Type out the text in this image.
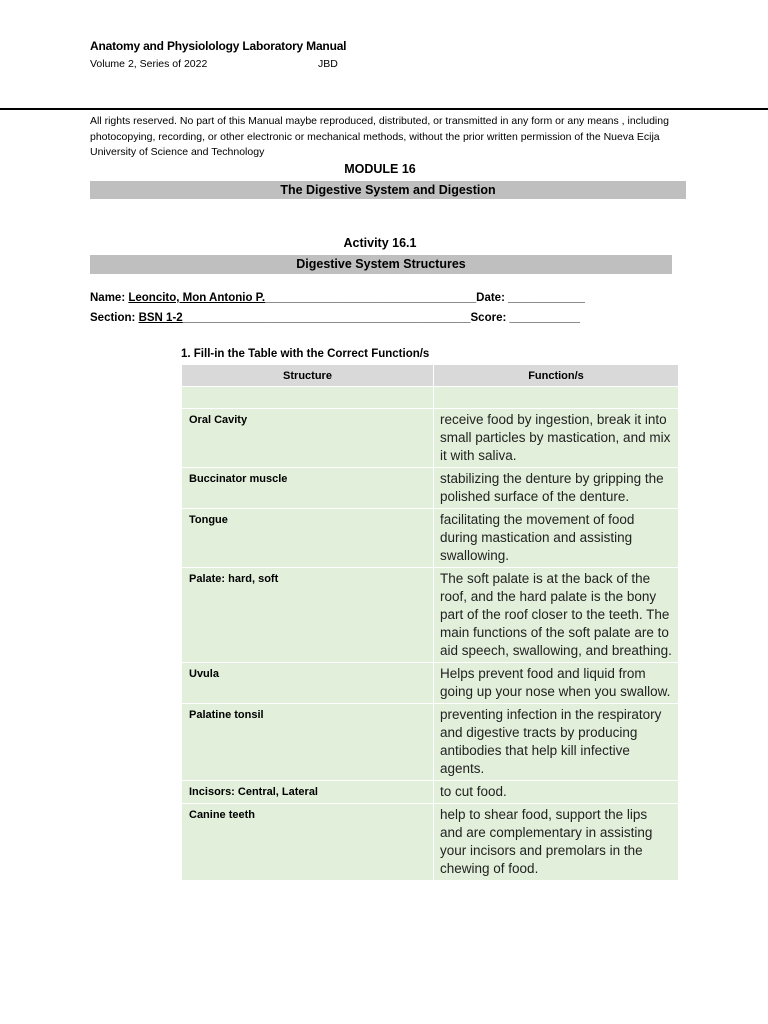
Anatomy and Physiolology Laboratory Manual
Volume 2, Series of 2022	JBD
All rights reserved. No part of this Manual maybe reproduced, distributed, or transmitted in any form or any means , including photocopying, recording, or other electronic or mechanical methods, without the prior written permission of the Nueva Ecija University of Science and Technology
MODULE 16
The Digestive System and Digestion
Activity 16.1
Digestive System Structures
Name: Leoncito, Mon Antonio P._________________________________Date: ____________
Section: BSN 1-2_____________________________________________Score: ___________
1. Fill-in the Table with the Correct Function/s
Structure	Function/s

Oral Cavity	receive food by ingestion, break it into small particles by mastication, and mix it with saliva.
Buccinator muscle	stabilizing the denture by gripping the polished surface of the denture.
Tongue	facilitating the movement of food during mastication and assisting swallowing.
Palate: hard, soft	The soft palate is at the back of the roof, and the hard palate is the bony part of the roof closer to the teeth. The main functions of the soft palate are to aid speech, swallowing, and breathing.
Uvula	Helps prevent food and liquid from going up your nose when you swallow.
Palatine tonsil	preventing infection in the respiratory and digestive tracts by producing antibodies that help kill infective agents.
Incisors: Central, Lateral	to cut food.
Canine teeth	help to shear food, support the lips and are complementary in assisting your incisors and premolars in the chewing of food.
